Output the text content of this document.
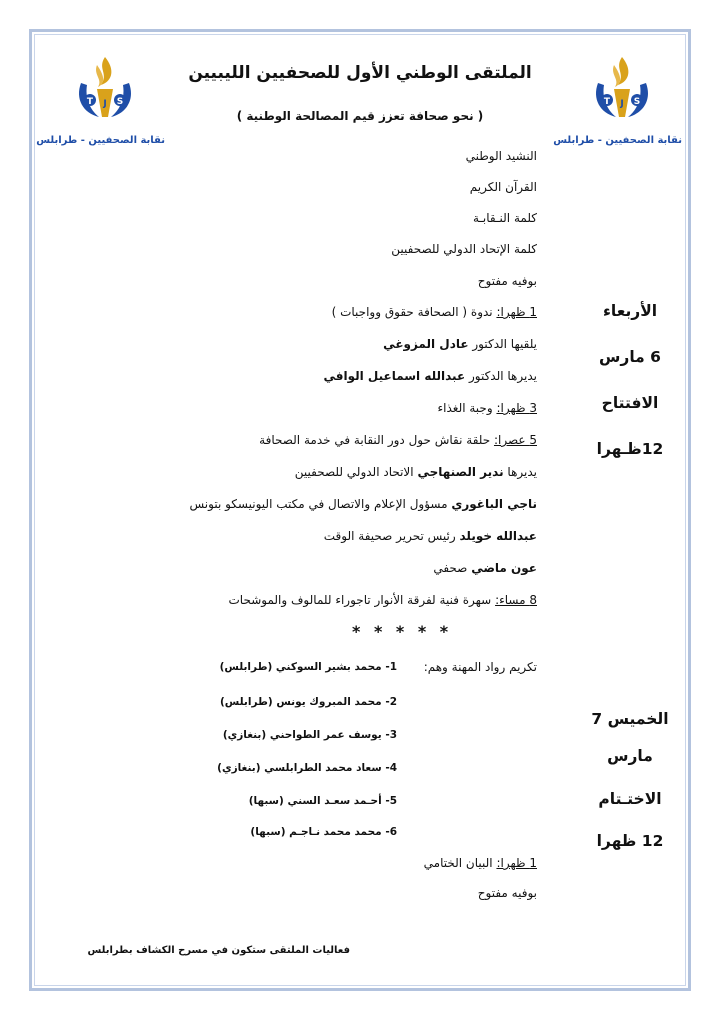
T J S
نقابة الصحفيين - طرابلس
T J S
نقابة الصحفيين - طرابلس
الملتقى الوطني الأول للصحفيين الليبيين
( نحو صحافة تعزز قيم المصالحة الوطنية )
النشيد الوطني
القرآن الكريم
كلمة النـقابـة
كلمة الإتحاد الدولي للصحفيين
بوفيه مفتوح
1 ظهرا: ندوة ( الصحافة حقوق وواجبات )
يلقيها الدكتور عادل المزوغي
يديرها الدكتور عبدالله اسماعيل الوافي
3 ظهرا: وجبة الغذاء
5 عصرا: حلقة نقاش حول دور النقابة في خدمة الصحافة
يديرها ندير الصنهاجي الاتحاد الدولي للصحفيين
ناجي الباغوري مسؤول الإعلام والاتصال في مكتب اليونيسكو بتونس
عبدالله خويلد رئيس تحرير صحيفة الوقت
عون ماضي صحفي
8 مساء: سهرة فنية لفرقة الأنوار تاجوراء للمالوف والموشحات
* * * * *
تكريم رواد المهنة وهم:
1- محمد بشير السوكني (طرابلس)
2- محمد المبروك يونس (طرابلس)
3- يوسف عمر الطواحني (بنغازي)
4- سعاد محمد الطرابلسي (بنغازي)
5- أحـمد سعـد السني (سبها)
6- محمد محمد نـاجـم (سبها)
1 ظهرا: البيان الختامي
بوفيه مفتوح
الأربعاء
6 مارس
الافتتاح
12ظـهرا
الخميس 7
مارس
الاختـتام
12 ظهرا
فعاليات الملتقى ستكون في مسرح الكشاف بطرابلس
